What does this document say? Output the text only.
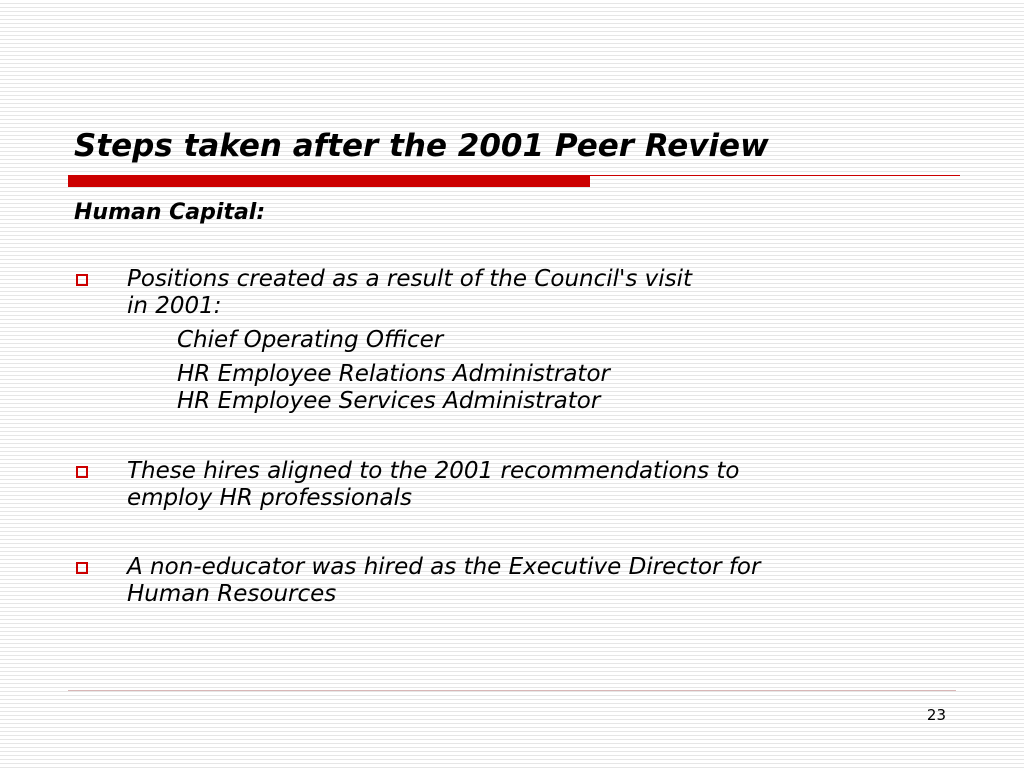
Steps taken after the 2001 Peer Review
Human Capital:

Positions created as a result of the Council's visit

in 2001:

Chief Operating Officer

HR Employee Relations Administrator

HR Employee Services Administrator

These hires aligned to the 2001 recommendations to

employ HR professionals

A non-educator was hired as the Executive Director for

Human Resources

23
